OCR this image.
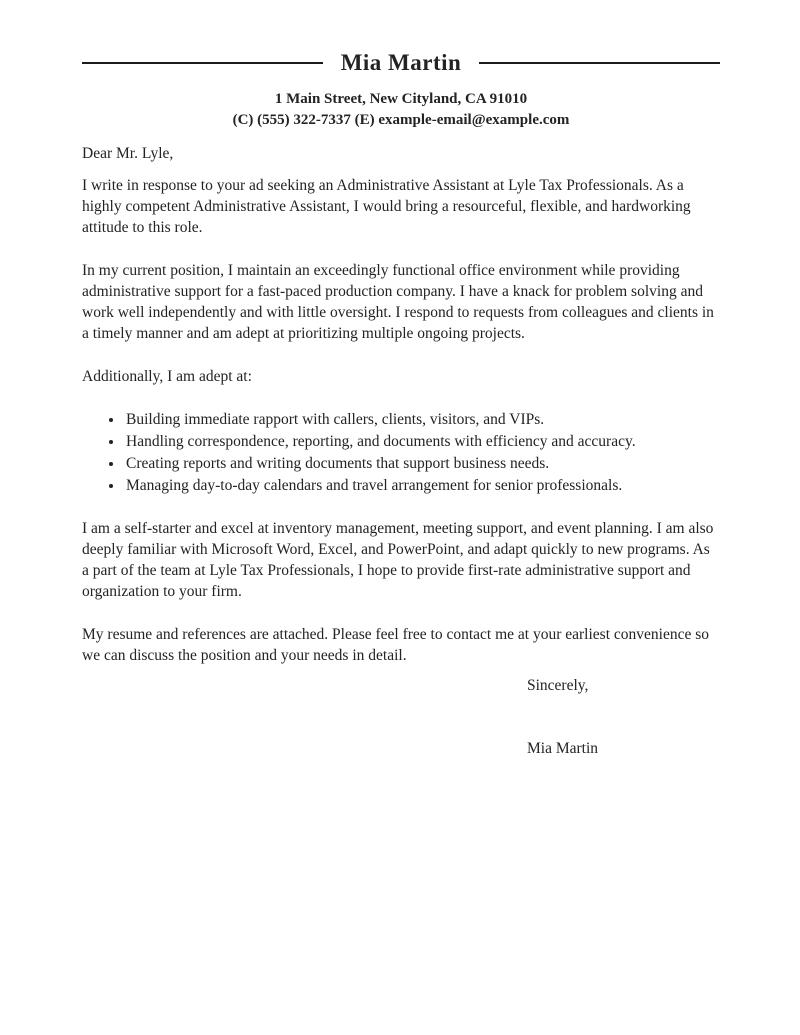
Mia Martin
1 Main Street, New Cityland, CA 91010
(C) (555) 322-7337 (E) example-email@example.com
Dear Mr. Lyle,
I write in response to your ad seeking an Administrative Assistant at Lyle Tax Professionals. As a highly competent Administrative Assistant, I would bring a resourceful, flexible, and hardworking attitude to this role.
In my current position, I maintain an exceedingly functional office environment while providing administrative support for a fast-paced production company. I have a knack for problem solving and work well independently and with little oversight. I respond to requests from colleagues and clients in a timely manner and am adept at prioritizing multiple ongoing projects.
Additionally, I am adept at:
• Building immediate rapport with callers, clients, visitors, and VIPs.
• Handling correspondence, reporting, and documents with efficiency and accuracy.
• Creating reports and writing documents that support business needs.
• Managing day-to-day calendars and travel arrangement for senior professionals.
I am a self-starter and excel at inventory management, meeting support, and event planning. I am also deeply familiar with Microsoft Word, Excel, and PowerPoint, and adapt quickly to new programs. As a part of the team at Lyle Tax Professionals, I hope to provide first-rate administrative support and organization to your firm.
My resume and references are attached. Please feel free to contact me at your earliest convenience so we can discuss the position and your needs in detail.
Sincerely,
Mia Martin
